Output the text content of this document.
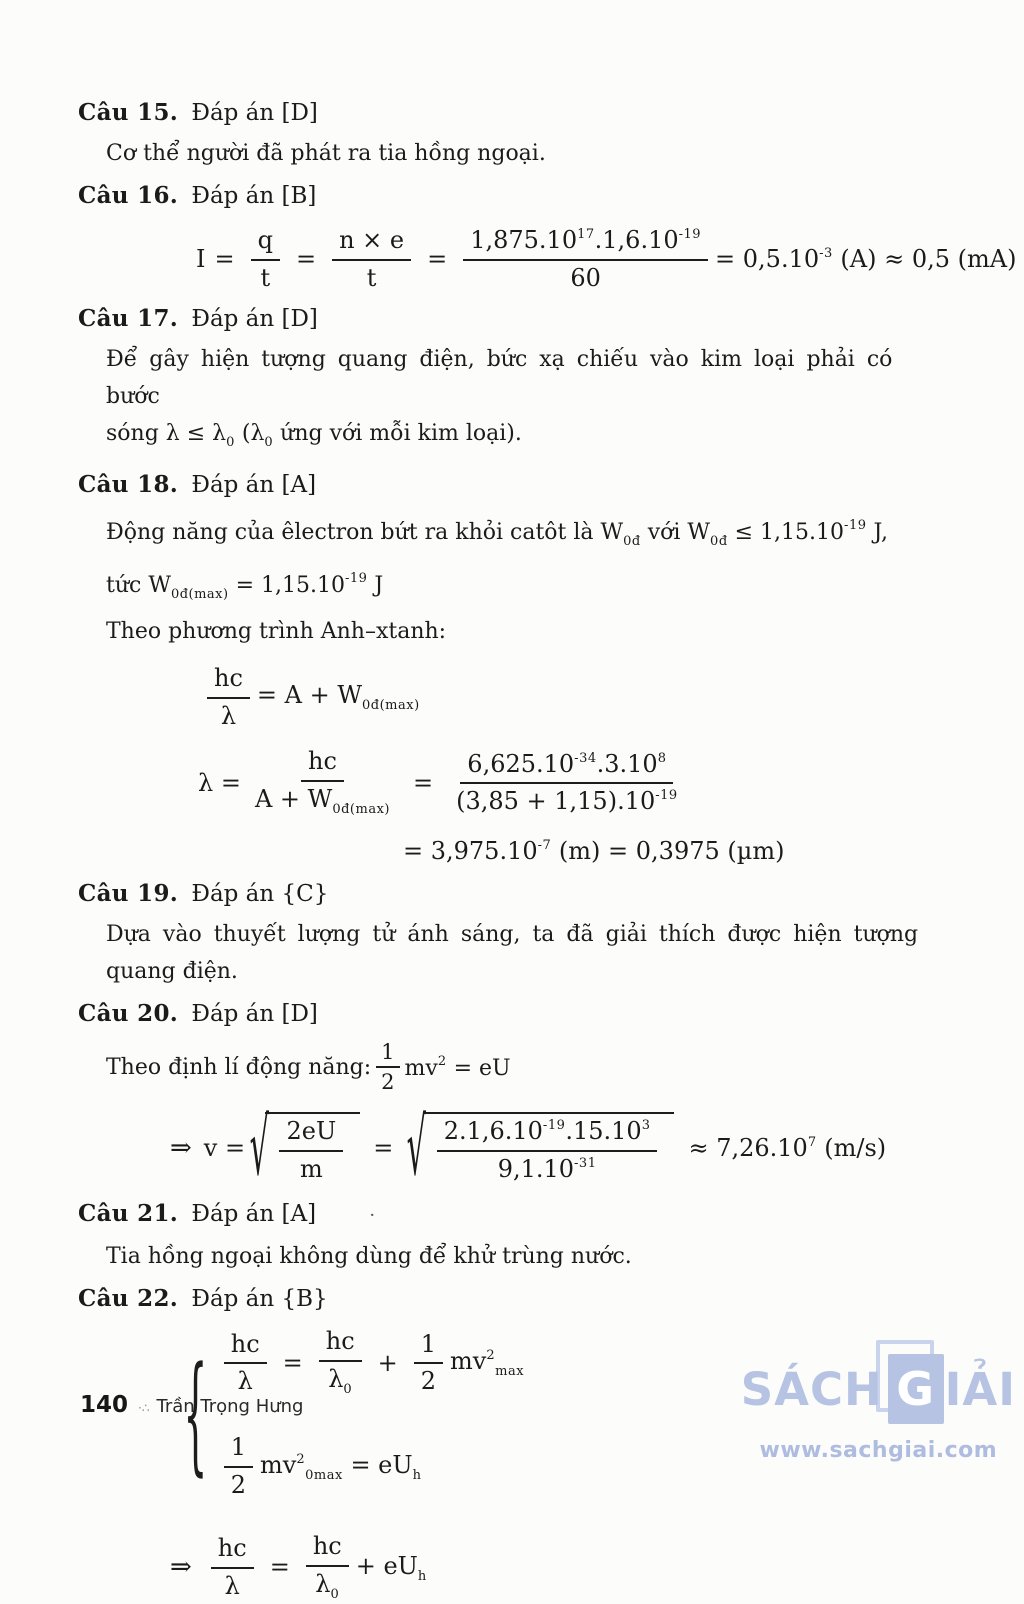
Câu 15. Đáp án [D]
Cơ thể người đã phát ra tia hồng ngoại.
Câu 16. Đáp án [B]
$I = \frac{q}{t} = \frac{n \times e}{t} = \frac{1,875.10^{17}.1,6.10^{-19}}{60} = 0,5.10^{-3}$ (A) ≈ 0,5 (mA)
Câu 17. Đáp án [D]
Để gây hiện tượng quang điện, bức xạ chiếu vào kim loại phải có bước
sóng $\lambda \le \lambda_0$ ($\lambda_0$ ứng với mỗi kim loại).
Câu 18. Đáp án [A]
Động năng của êlectron bứt ra khỏi catôt là $W_{0đ}$ với $W_{0đ} \le 1,15.10^{-19}$ J,
tức $W_{0đ(max)} = 1,15.10^{-19}$ J
Theo phương trình Anh–xtanh:
$\frac{hc}{\lambda} = A + W_{0đ(max)}$
$\lambda = \frac{hc}{A + W_{0đ(max)}} = \frac{6,625.10^{-34}.3.10^8}{(3,85 + 1,15).10^{-19}}$
= $3,975.10^{-7}$ (m) = 0,3975 (µm)
Câu 19. Đáp án {C}
Dựa vào thuyết lượng tử ánh sáng, ta đã giải thích được hiện tượng
quang điện.
Câu 20. Đáp án [D]
Theo định lí động năng: $\frac{1}{2} mv^2$ = eU
⇒ v = √ $\frac{2eU}{m}$ = √ $\frac{2.1,6.10^{-19}.15.10^3}{9,1.10^{-31}} \approx 7,26.10^7$ (m/s)
Câu 21. Đáp án [A]	·
Tia hồng ngoại không dùng để khử trùng nước.
Câu 22. Đáp án {B}
{ $\frac{hc}{\lambda} = \frac{hc}{\lambda_0} + \frac{1}{2} mv^2_{max}$
$\frac{1}{2} mv^2_{0max} = eU_h$
⇒ $\frac{hc}{\lambda} = \frac{hc}{\lambda_0} + eU_h$
140 ·∴ Trần Trọng Hưng	SÁCH G IẢI
www.sachgiai.com
